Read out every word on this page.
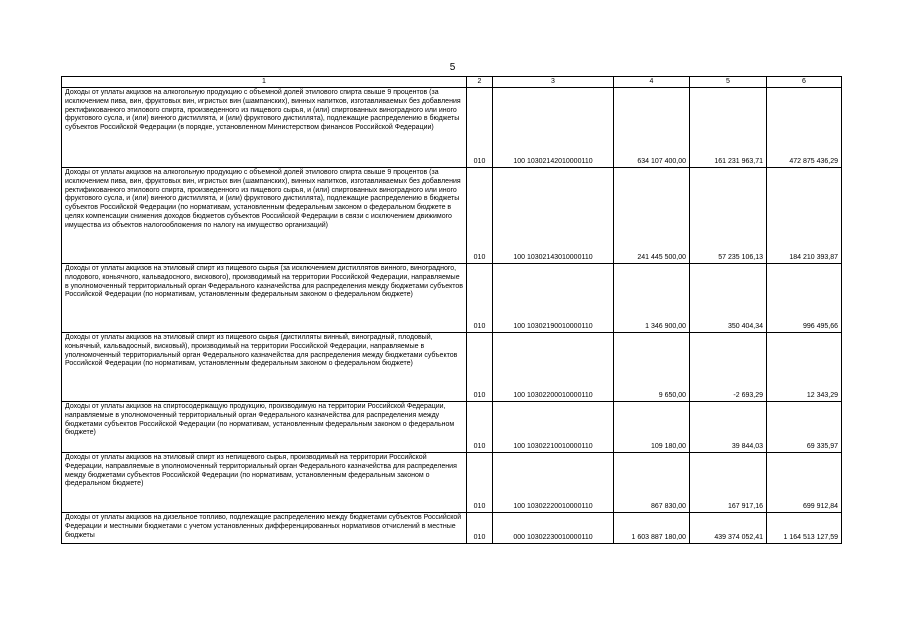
5
1	2	3	4	5	6
Доходы от уплаты акцизов на алкогольную продукцию с объемной долей этилового спирта свыше 9 процентов (за исключением пива, вин, фруктовых вин, игристых вин (шампанских), винных напитков, изготавливаемых без добавления ректификованного этилового спирта, произведенного из пищевого сырья, и (или) спиртованных виноградного или иного фруктового сусла, и (или) винного дистиллята, и (или) фруктового дистиллята), подлежащие распределению в бюджеты субъектов Российской Федерации (в порядке, установленном Министерством финансов Российской Федерации)	010	100 10302142010000110	634 107 400,00	161 231 963,71	472 875 436,29
Доходы от уплаты акцизов на алкогольную продукцию с объемной долей этилового спирта свыше 9 процентов (за исключением пива, вин, фруктовых вин, игристых вин (шампанских), винных напитков, изготавливаемых без добавления ректификованного этилового спирта, произведенного из пищевого сырья, и (или) спиртованных виноградного или иного фруктового сусла, и (или) винного дистиллята, и (или) фруктового дистиллята), подлежащие распределению в бюджеты субъектов Российской Федерации (по нормативам, установленным федеральным законом о федеральном бюджете в целях компенсации снижения доходов бюджетов субъектов Российской Федерации в связи с исключением движимого имущества из объектов налогообложения по налогу на имущество организаций)	010	100 10302143010000110	241 445 500,00	57 235 106,13	184 210 393,87
Доходы от уплаты акцизов на этиловый спирт из пищевого сырья (за исключением дистиллятов винного, виноградного, плодового, коньячного, кальвадосного, вискового), производимый на территории Российской Федерации, направляемые в уполномоченный территориальный орган Федерального казначейства для распределения между бюджетами субъектов Российской Федерации (по нормативам, установленным федеральным законом о федеральном бюджете)	010	100 10302190010000110	1 346 900,00	350 404,34	996 495,66
Доходы от уплаты акцизов на этиловый спирт из пищевого сырья (дистилляты винный, виноградный, плодовый, коньячный, кальвадосный, висковый), производимый на территории Российской Федерации, направляемые в уполномоченный территориальный орган Федерального казначейства для распределения между бюджетами субъектов Российской Федерации (по нормативам, установленным федеральным законом о федеральном бюджете)	010	100 10302200010000110	9 650,00	-2 693,29	12 343,29
Доходы от уплаты акцизов на спиртосодержащую продукцию, производимую на территории Российской Федерации, направляемые в уполномоченный территориальный орган Федерального казначейства для распределения между бюджетами субъектов Российской Федерации (по нормативам, установленным федеральным законом о федеральном бюджете)	010	100 10302210010000110	109 180,00	39 844,03	69 335,97
Доходы от уплаты акцизов на этиловый спирт из непищевого сырья, производимый на территории Российской Федерации, направляемые в уполномоченный территориальный орган Федерального казначейства для распределения между бюджетами субъектов Российской Федерации (по нормативам, установленным федеральным законом о федеральном бюджете)	010	100 10302220010000110	867 830,00	167 917,16	699 912,84
Доходы от уплаты акцизов на дизельное топливо, подлежащие распределению между бюджетами субъектов Российской Федерации и местными бюджетами с учетом установленных дифференцированных нормативов отчислений в местные бюджеты	010	000 10302230010000110	1 603 887 180,00	439 374 052,41	1 164 513 127,59
